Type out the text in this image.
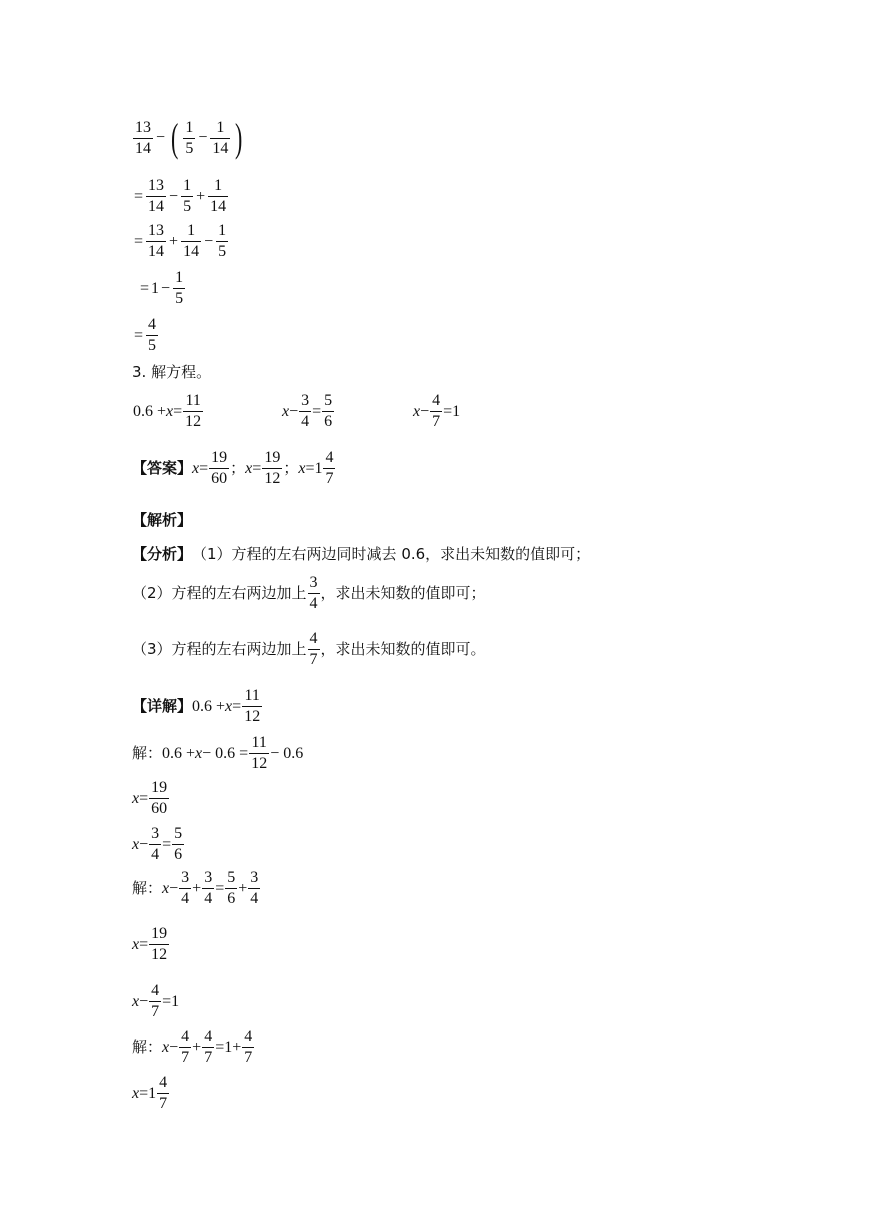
$\frac{13}{14}$ − ( $\frac{1}{5} - \frac{1}{14}$ )
= $\frac{13}{14} - \frac{1}{5} + \frac{1}{14}$
= $\frac{13}{14} + \frac{1}{14} - \frac{1}{5}$
= $1 - \frac{1}{5}$
= $\frac{4}{5}$
3. 解方程。
$0.6 + x = \frac{11}{12}$	$x - \frac{3}{4} = \frac{5}{6}$	$x - \frac{4}{7} = 1$
【答案】 $x = \frac{19}{60}$ ； $x = \frac{19}{12}$ ； $x = 1 \frac{4}{7}$
【解析】
【分析】 （1）方程的左右两边同时减去 0.6，求出未知数的值即可；
（2）方程的左右两边加上 $\frac{3}{4}$ ，求出未知数的值即可；
（3）方程的左右两边加上 $\frac{4}{7}$ ，求出未知数的值即可。
【详解】 $0.6 + x = \frac{11}{12}$
解： $0.6 + x - 0.6 = \frac{11}{12} - 0.6$
$x = \frac{19}{60}$
$x - \frac{3}{4} = \frac{5}{6}$
解： $x - \frac{3}{4} + \frac{3}{4} = \frac{5}{6} + \frac{3}{4}$
$x = \frac{19}{12}$
$x - \frac{4}{7} = 1$
解： $x - \frac{4}{7} + \frac{4}{7} = 1 + \frac{4}{7}$
$x = 1 \frac{4}{7}$
